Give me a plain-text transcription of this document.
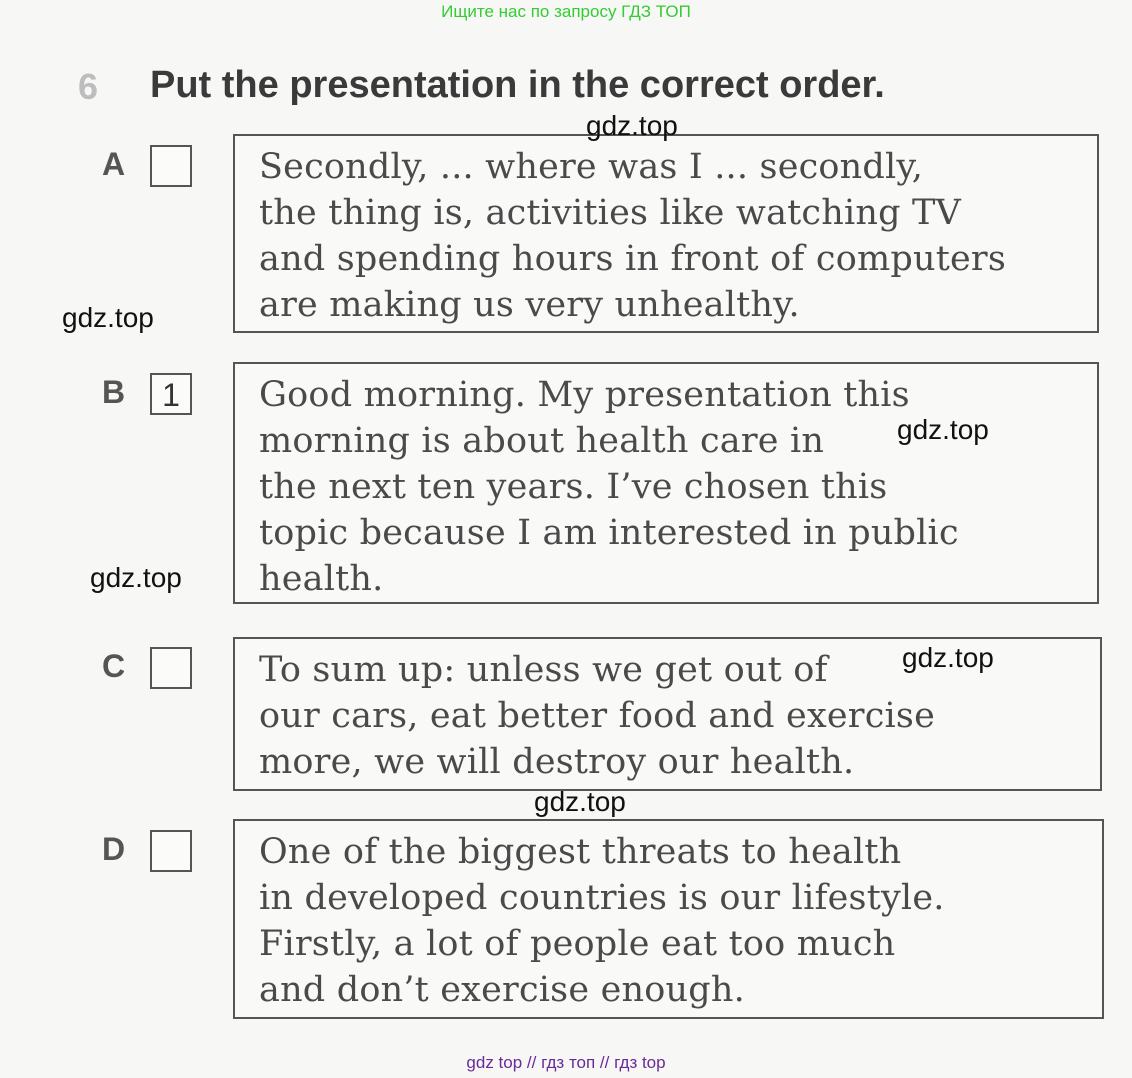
Ищите нас по запросу ГДЗ ТОП
6 Put the presentation in the correct order.
A	Secondly, ... where was I ... secondly,
the thing is, activities like watching TV
and spending hours in front of computers
are making us very unhealthy.

B	1	Good morning. My presentation this
morning is about health care in
the next ten years. I’ve chosen this
topic because I am interested in public
health.

C	To sum up: unless we get out of
our cars, eat better food and exercise
more, we will destroy our health.

D	One of the biggest threats to health
in developed countries is our lifestyle.
Firstly, a lot of people eat too much
and don’t exercise enough.

gdz.top
gdz.top
gdz.top
gdz.top
gdz.top
gdz.top
gdz top // гдз топ // гдз top
